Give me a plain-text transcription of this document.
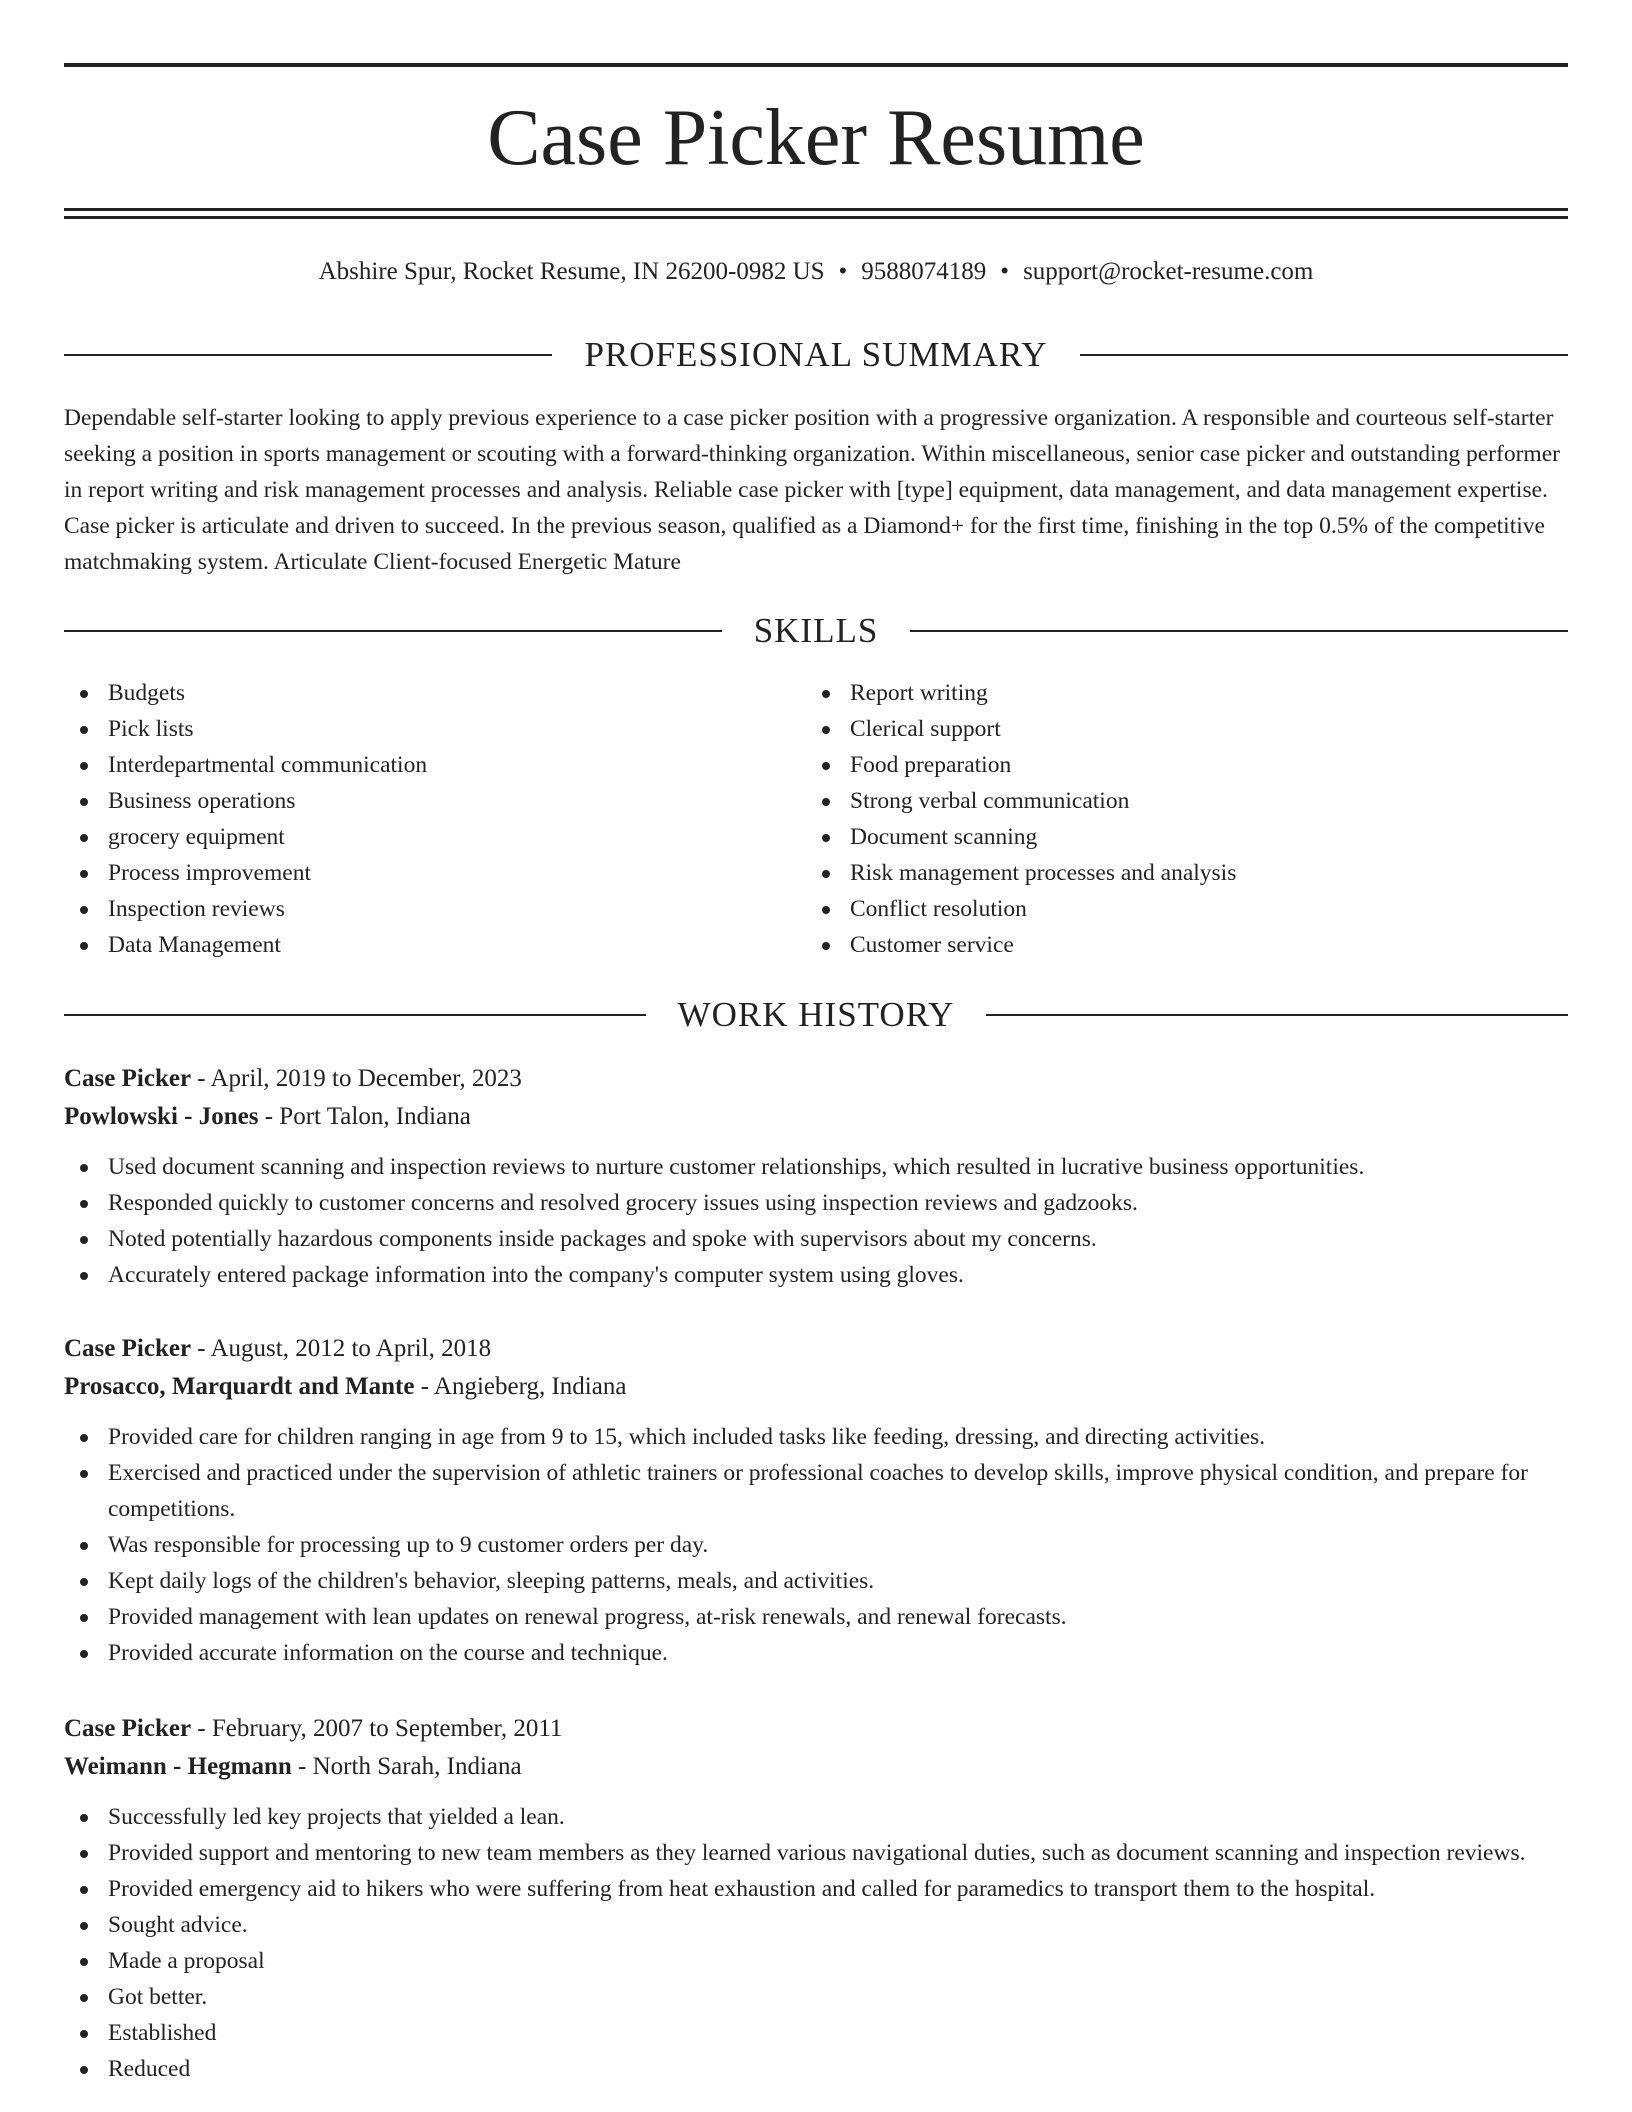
Case Picker Resume
Abshire Spur, Rocket Resume, IN 26200-0982 US • 9588074189 • support@rocket-resume.com
PROFESSIONAL SUMMARY
Dependable self-starter looking to apply previous experience to a case picker position with a progressive organization. A responsible and courteous self-starter seeking a position in sports management or scouting with a forward-thinking organization. Within miscellaneous, senior case picker and outstanding performer in report writing and risk management processes and analysis. Reliable case picker with [type] equipment, data management, and data management expertise. Case picker is articulate and driven to succeed. In the previous season, qualified as a Diamond+ for the first time, finishing in the top 0.5% of the competitive matchmaking system. Articulate Client-focused Energetic Mature
SKILLS
Budgets
Pick lists
Interdepartmental communication
Business operations
grocery equipment
Process improvement
Inspection reviews
Data Management
Report writing
Clerical support
Food preparation
Strong verbal communication
Document scanning
Risk management processes and analysis
Conflict resolution
Customer service
WORK HISTORY
Case Picker - April, 2019 to December, 2023
Powlowski - Jones - Port Talon, Indiana
Used document scanning and inspection reviews to nurture customer relationships, which resulted in lucrative business opportunities.
Responded quickly to customer concerns and resolved grocery issues using inspection reviews and gadzooks.
Noted potentially hazardous components inside packages and spoke with supervisors about my concerns.
Accurately entered package information into the company's computer system using gloves.
Case Picker - August, 2012 to April, 2018
Prosacco, Marquardt and Mante - Angieberg, Indiana
Provided care for children ranging in age from 9 to 15, which included tasks like feeding, dressing, and directing activities.
Exercised and practiced under the supervision of athletic trainers or professional coaches to develop skills, improve physical condition, and prepare for competitions.
Was responsible for processing up to 9 customer orders per day.
Kept daily logs of the children's behavior, sleeping patterns, meals, and activities.
Provided management with lean updates on renewal progress, at-risk renewals, and renewal forecasts.
Provided accurate information on the course and technique.
Case Picker - February, 2007 to September, 2011
Weimann - Hegmann - North Sarah, Indiana
Successfully led key projects that yielded a lean.
Provided support and mentoring to new team members as they learned various navigational duties, such as document scanning and inspection reviews.
Provided emergency aid to hikers who were suffering from heat exhaustion and called for paramedics to transport them to the hospital.
Sought advice.
Made a proposal
Got better.
Established
Reduced
